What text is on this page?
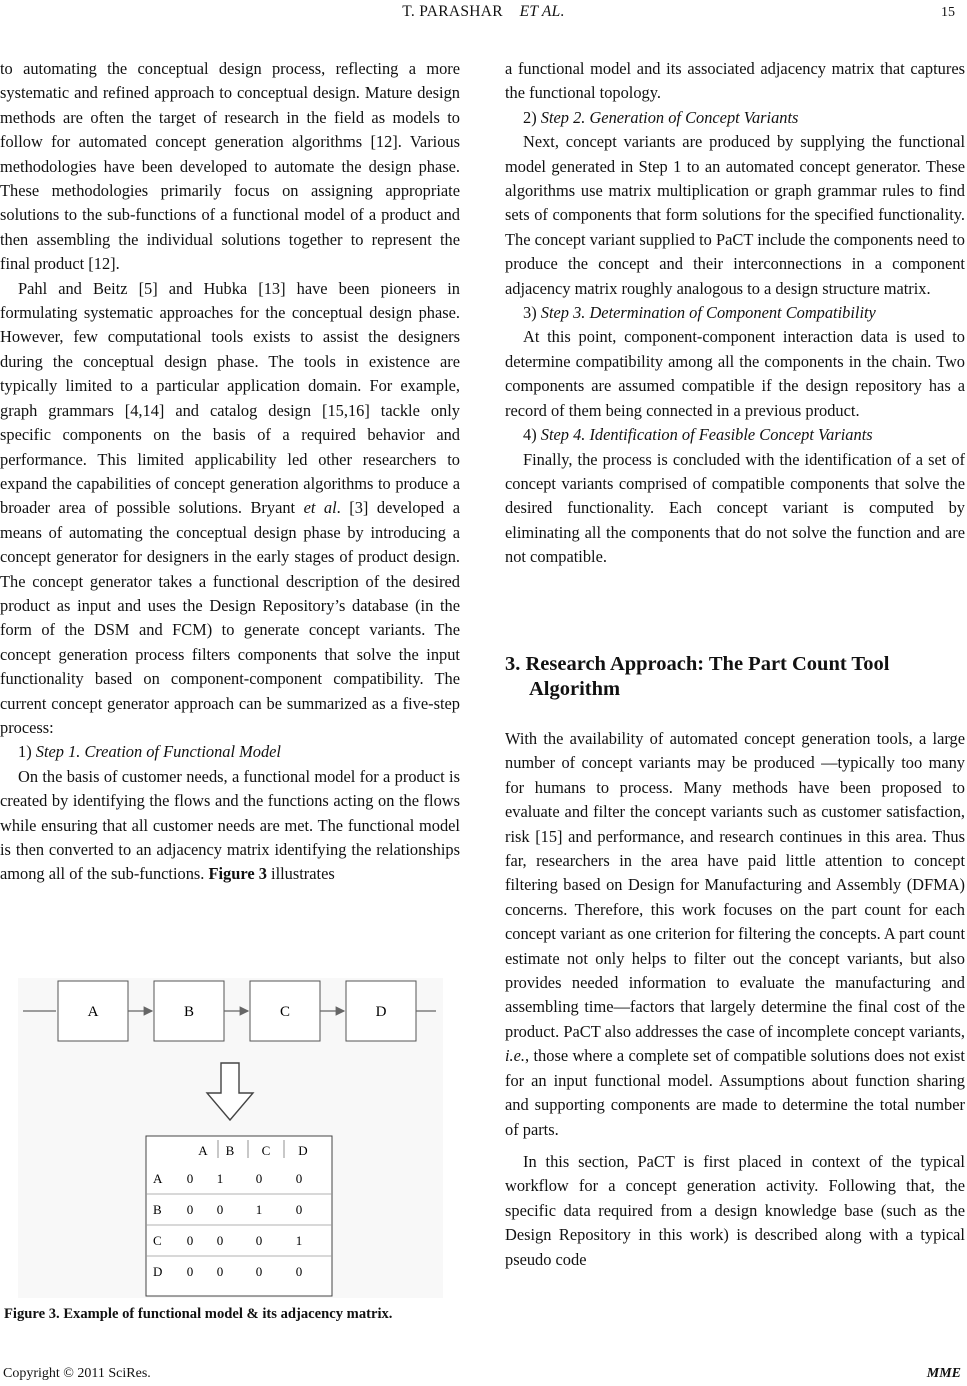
T. PARASHAR ET AL.	15

to automating the conceptual design process, reflecting a more systematic and refined approach to conceptual design. Mature design methods are often the target of research in the field as models to follow for automated concept generation algorithms [12]. Various methodologies have been developed to automate the design phase. These methodologies primarily focus on assigning appropriate solutions to the sub-functions of a functional model of a product and then assembling the individual solutions together to represent the final product [12].

Pahl and Beitz [5] and Hubka [13] have been pioneers in formulating systematic approaches for the conceptual design phase. However, few computational tools exists to assist the designers during the conceptual design phase. The tools in existence are typically limited to a particular application domain. For example, graph grammars [4,14] and catalog design [15,16] tackle only specific components on the basis of a required behavior and performance. This limited applicability led other researchers to expand the capabilities of concept generation algorithms to produce a broader area of possible solutions. Bryant et al. [3] developed a means of automating the conceptual design phase by introducing a concept generator for designers in the early stages of product design. The concept generator takes a functional description of the desired product as input and uses the Design Repository’s database (in the form of the DSM and FCM) to generate concept variants. The concept generation process filters components that solve the input functionality based on component-component compatibility. The current concept generator approach can be summarized as a five-step process:

1) Step 1. Creation of Functional Model

On the basis of customer needs, a functional model for a product is created by identifying the flows and the functions acting on the flows while ensuring that all customer needs are met. The functional model is then converted to an adjacency matrix identifying the relationships among all of the sub-functions. Figure 3 illustrates

A	B	C	D
A B C D
A 0 1	0	0
B 0 0	1	0
C 0 0	0	1
D 0 0	0	0
Figure 3. Example of functional model & its adjacency matrix.

a functional model and its associated adjacency matrix that captures the functional topology.

2) Step 2. Generation of Concept Variants

Next, concept variants are produced by supplying the functional model generated in Step 1 to an automated concept generator. These algorithms use matrix multiplication or graph grammar rules to find sets of components that form solutions for the specified functionality. The concept variant supplied to PaCT include the components need to produce the concept and their interconnections in a component adjacency matrix roughly analogous to a design structure matrix.

3) Step 3. Determination of Component Compatibility

At this point, component-component interaction data is used to determine compatibility among all the components in the chain. Two components are assumed compatible if the design repository has a record of them being connected in a previous product.

4) Step 4. Identification of Feasible Concept Variants

Finally, the process is concluded with the identification of a set of concept variants comprised of compatible components that solve the desired functionality. Each concept variant is computed by eliminating all the components that do not solve the function and are not compatible.

3. Research Approach: The Part Count Tool
Algorithm

With the availability of automated concept generation tools, a large number of concept variants may be produced —typically too many for humans to process. Many methods have been proposed to evaluate and filter the concept variants such as customer satisfaction, risk [15] and performance, and research continues in this area. Thus far, researchers in the area have paid little attention to concept filtering based on Design for Manufacturing and Assembly (DFMA) concerns. Therefore, this work focuses on the part count for each concept variant as one criterion for filtering the concepts. A part count estimate not only helps to filter out the concept variants, but also provides needed information to evaluate the manufacturing and assembling time—factors that largely determine the final cost of the product. PaCT also addresses the case of incomplete concept variants, i.e., those where a complete set of compatible solutions does not exist for an input functional model. Assumptions about function sharing and supporting components are made to determine the total number of parts.

In this section, PaCT is first placed in context of the typical workflow for a concept generation activity. Following that, the specific data required from a design knowledge base (such as the Design Repository in this work) is described along with a typical pseudo code

Copyright © 2011 SciRes.	MME
